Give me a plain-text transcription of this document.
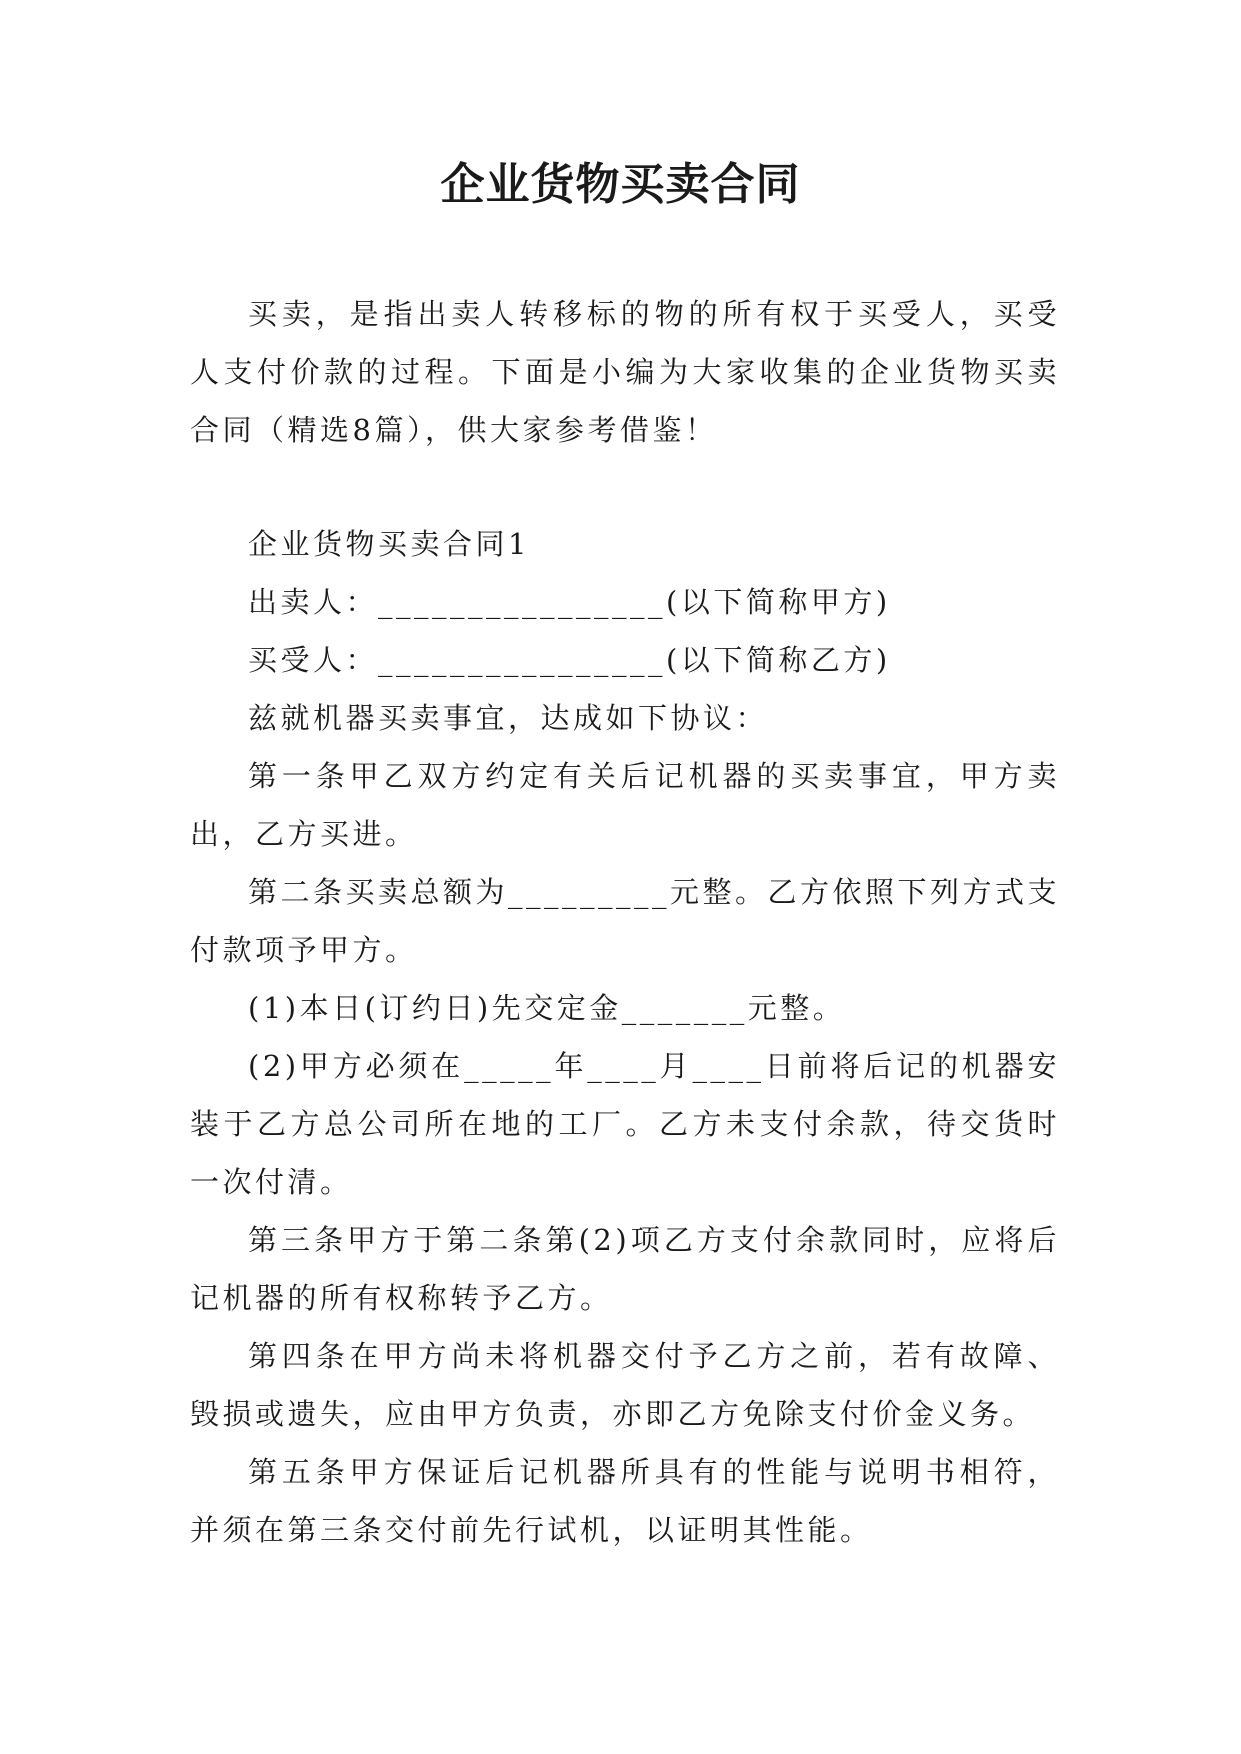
企业货物买卖合同

买卖，是指出卖人转移标的物的所有权于买受人，买受人支付价款的过程。下面是小编为大家收集的企业货物买卖合同（精选8篇），供大家参考借鉴！

企业货物买卖合同1

出卖人：________________(以下简称甲方)

买受人：________________(以下简称乙方)

兹就机器买卖事宜，达成如下协议：

第一条甲乙双方约定有关后记机器的买卖事宜，甲方卖出，乙方买进。

第二条买卖总额为_________元整。乙方依照下列方式支付款项予甲方。

(1)本日(订约日)先交定金_______元整。

(2)甲方必须在_____年____月____日前将后记的机器安装于乙方总公司所在地的工厂。乙方未支付余款，待交货时一次付清。

第三条甲方于第二条第(2)项乙方支付余款同时，应将后记机器的所有权称转予乙方。

第四条在甲方尚未将机器交付予乙方之前，若有故障、毁损或遗失，应由甲方负责，亦即乙方免除支付价金义务。

第五条甲方保证后记机器所具有的性能与说明书相符，并须在第三条交付前先行试机，以证明其性能。
